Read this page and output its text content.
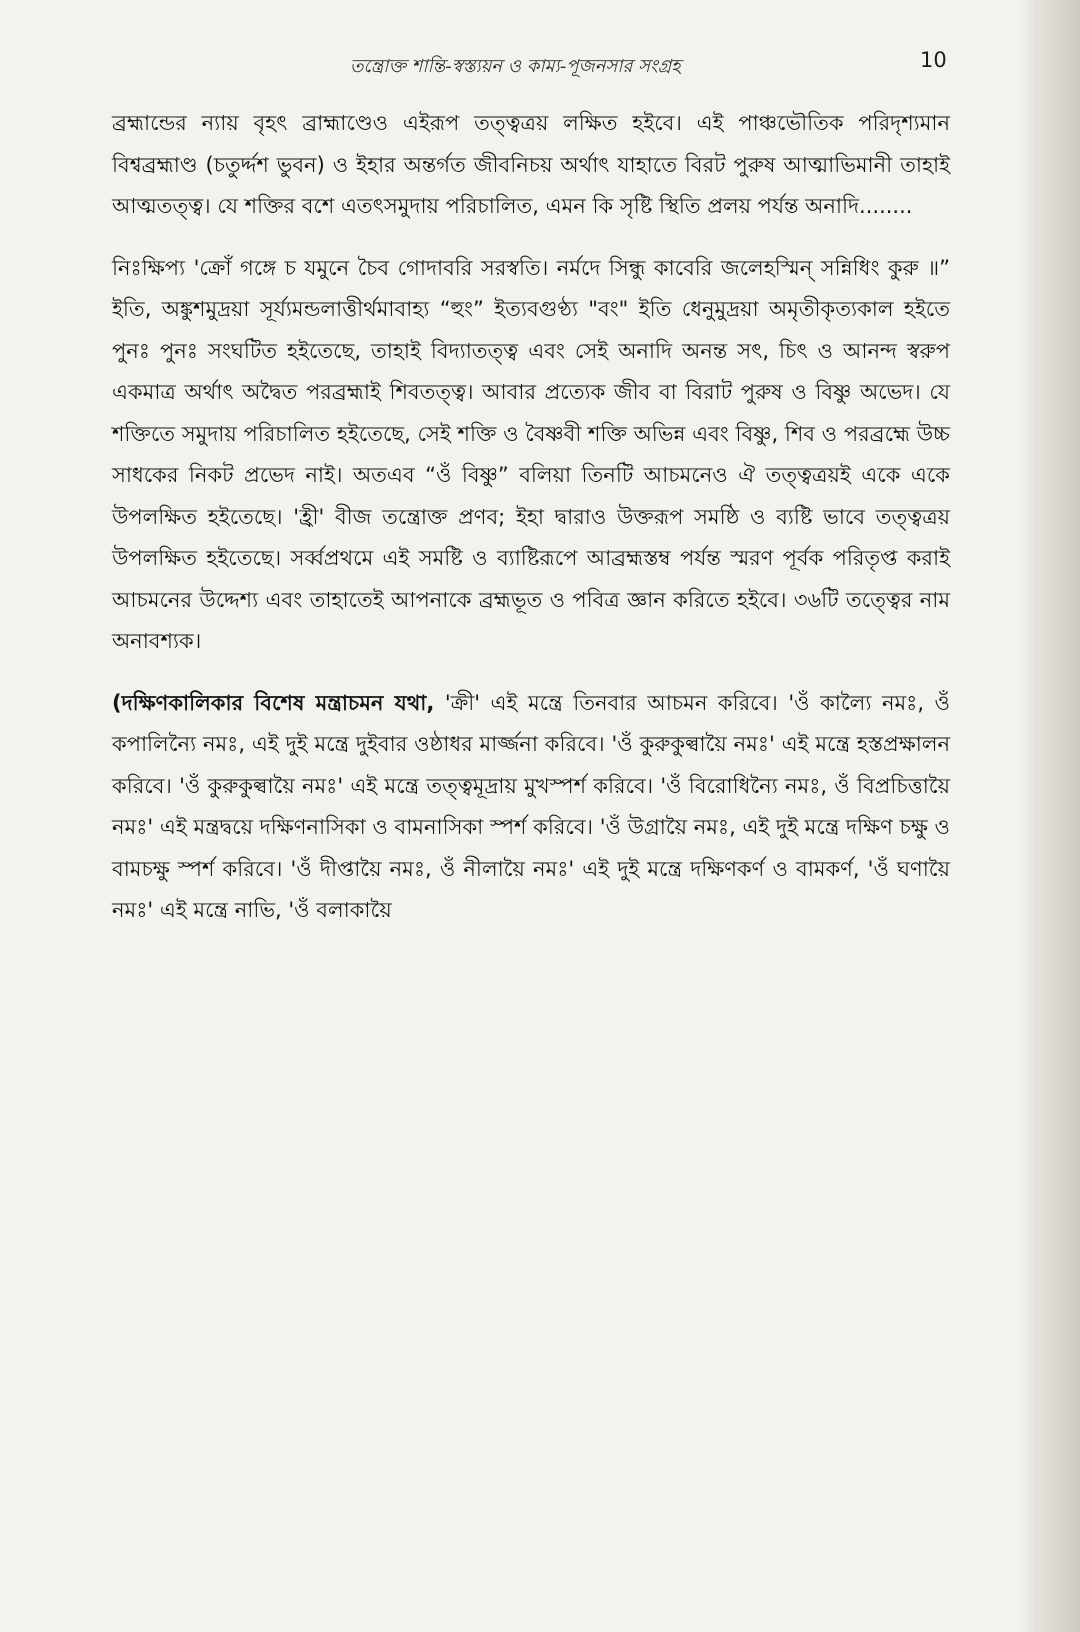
তন্ত্রোক্ত শান্তি-স্বস্ত্যয়ন ও কাম্য-পূজনসার সংগ্রহ	10

ব্রহ্মান্ডের ন্যায় বৃহৎ ব্রাহ্মাণ্ডেও এইরূপ তত্ত্বত্রয় লক্ষিত হইবে। এই পাঞ্চভৌতিক পরিদৃশ্যমান বিশ্বব্রহ্মাণ্ড (চতুর্দ্দশ ভুবন) ও ইহার অন্তর্গত জীবনিচয় অর্থাৎ যাহাতে বিরট পুরুষ আত্মাভিমানী তাহাই আত্মতত্ত্ব। যে শক্তির বশে এতৎসমুদায় পরিচালিত, এমন কি সৃষ্টি স্থিতি প্রলয় পর্যন্ত অনাদি........

নিঃক্ষিপ্য 'ক্রোঁ গঙ্গে চ যমুনে চৈব গোদাবরি সরস্বতি। নর্মদে সিন্ধু কাবেরি জলেহস্মিন্ সন্নিধিং কুরু ॥” ইতি, অঙ্কুশমুদ্রয়া সূর্য্যমন্ডলাত্তীর্থমাবাহ্য “হুং” ইত্যবগুণ্ঠ্য "বং" ইতি ধেনুমুদ্রয়া অমৃতীকৃত্যকাল হইতে পুনঃ পুনঃ সংঘটিত হইতেছে, তাহাই বিদ্যাতত্ত্ব এবং সেই অনাদি অনন্ত সৎ, চিৎ ও আনন্দ স্বরুপ একমাত্র অর্থাৎ অদ্বৈত পরব্রহ্মাই শিবতত্ত্ব। আবার প্রত্যেক জীব বা বিরাট পুরুষ ও বিষ্ণু অভেদ। যে শক্তিতে সমুদায় পরিচালিত হইতেছে, সেই শক্তি ও বৈষ্ণবী শক্তি অভিন্ন এবং বিষ্ণু, শিব ও পরব্রহ্মে উচ্চ সাধকের নিকট প্রভেদ নাই। অতএব “ওঁ বিষ্ণু” বলিয়া তিনটি আচমনেও ঐ তত্ত্বত্রয়ই একে একে উপলক্ষিত হইতেছে। 'হ্রী' বীজ তন্ত্রোক্ত প্রণব; ইহা দ্বারাও উক্তরূপ সমষ্ঠি ও ব্যষ্টি ভাবে তত্ত্বত্রয় উপলক্ষিত হইতেছে। সর্ব্বপ্রথমে এই সমষ্টি ও ব্যাষ্টিরূপে আব্রহ্মস্তম্ব পর্যন্ত স্মরণ পূর্বক পরিতৃপ্ত করাই আচমনের উদ্দেশ্য এবং তাহাতেই আপনাকে ব্রহ্মভূত ও পবিত্র জ্ঞান করিতে হইবে। ৩৬টি তত্ত্বের নাম অনাবশ্যক।

(দক্ষিণকালিকার বিশেষ মন্ত্রাচমন যথা, 'ক্রী' এই মন্ত্রে তিনবার আচমন করিবে। 'ওঁ কাল্যৈ নমঃ, ওঁ কপালিন্যৈ নমঃ, এই দুই মন্ত্রে দুইবার ওষ্ঠাধর মার্জ্জনা করিবে। 'ওঁ কুরুকুল্বায়ৈ নমঃ' এই মন্ত্রে হস্তপ্রক্ষালন করিবে। 'ওঁ কুরুকুল্বায়ৈ নমঃ' এই মন্ত্রে তত্ত্বমূদ্রায় মুখস্পর্শ করিবে। 'ওঁ বিরোধিন্যৈ নমঃ, ওঁ বিপ্রচিত্তায়ৈ নমঃ' এই মন্ত্রদ্বয়ে দক্ষিণনাসিকা ও বামনাসিকা স্পর্শ করিবে। 'ওঁ উগ্রায়ৈ নমঃ, এই দুই মন্ত্রে দক্ষিণ চক্ষু ও বামচক্ষু স্পর্শ করিবে। 'ওঁ দীপ্তায়ৈ নমঃ, ওঁ নীলায়ৈ নমঃ' এই দুই মন্ত্রে দক্ষিণকর্ণ ও বামকর্ণ, 'ওঁ ঘণায়ৈ নমঃ' এই মন্ত্রে নাভি, 'ওঁ বলাকায়ৈ
